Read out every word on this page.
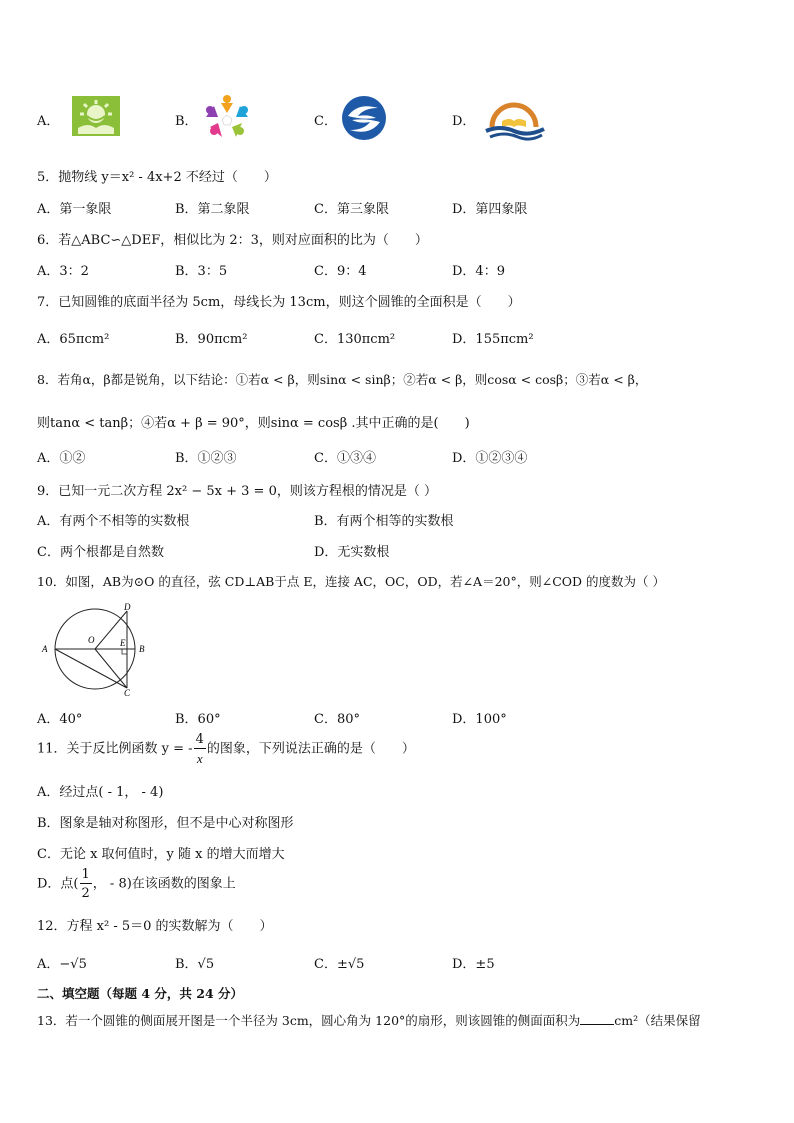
A．	B．	C．	D．
5．抛物线 y＝x² - 4x+2 不经过（　　）
A．第一象限	B．第二象限	C．第三象限	D．第四象限
6．若△ABC∽△DEF，相似比为 2：3，则对应面积的比为（　　）
A．3：2	B．3：5	C．9：4	D．4：9
7．已知圆锥的底面半径为 5cm，母线长为 13cm，则这个圆锥的全面积是（　　）
A．65πcm²	B．90πcm²	C．130πcm²	D．155πcm²
8．若角α，β都是锐角，以下结论：①若α < β，则sinα < sinβ；②若α < β，则cosα < cosβ；③若α < β，
则tanα < tanβ；④若α + β = 90°，则sinα = cosβ .其中正确的是(　　)
A．①②	B．①②③	C．①③④	D．①②③④
9．已知一元二次方程 2x² − 5x + 3 = 0，则该方程根的情况是（ ）
A．有两个不相等的实数根	B．有两个相等的实数根
C．两个根都是自然数	D．无实数根
10．如图，AB为⊙O 的直径，弦 CD⊥AB于点 E，连接 AC，OC，OD，若∠A＝20°，则∠COD 的度数为（ ）
A
O	E
B
D
C
A．40°	B．60°	C．80°	D．100°
11．关于反比例函数 y = - $\frac{4}{x}$ 的图象，下列说法正确的是（　　）
A．经过点( - 1， - 4)
B．图象是轴对称图形，但不是中心对称图形
C．无论 x 取何值时，y 随 x 的增大而增大
D．点( $\frac{1}{2}$ ， - 8)在该函数的图象上
12．方程 x² - 5＝0 的实数解为（　　）
A．−√5	B．√5	C．±√5	D．±5
二、填空题（每题 4 分，共 24 分）
13．若一个圆锥的侧面展开图是一个半径为 3cm，圆心角为 120°的扇形，则该圆锥的侧面面积为	cm²（结果保留
